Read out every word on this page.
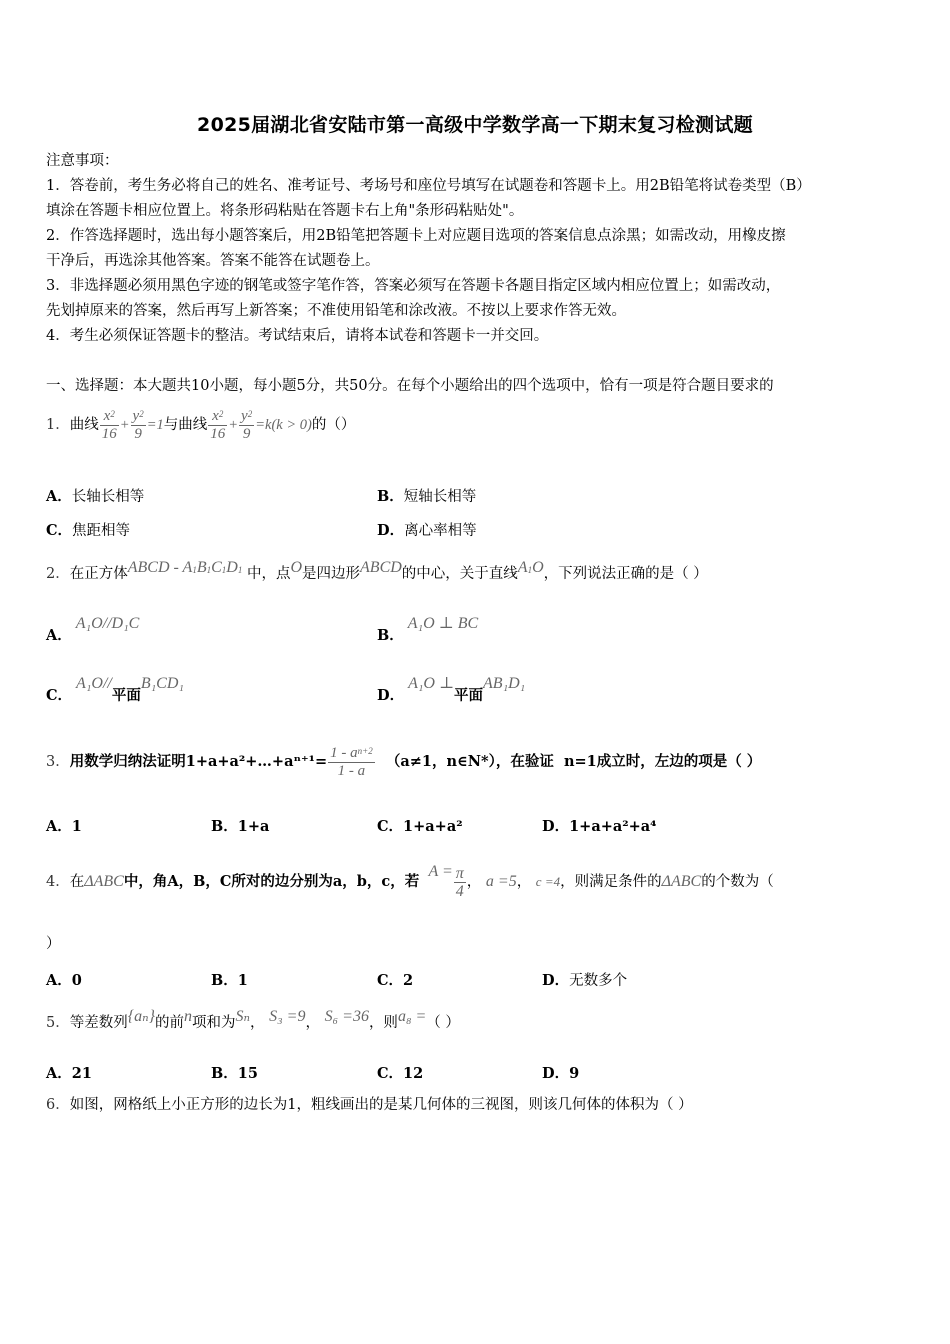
2025届湖北省安陆市第一高级中学数学高一下期末复习检测试题
注意事项：
1．答卷前，考生务必将自己的姓名、准考证号、考场号和座位号填写在试题卷和答题卡上。用2B铅笔将试卷类型（B）
填涂在答题卡相应位置上。将条形码粘贴在答题卡右上角"条形码粘贴处"。
2．作答选择题时，选出每小题答案后，用2B铅笔把答题卡上对应题目选项的答案信息点涂黑；如需改动，用橡皮擦
干净后，再选涂其他答案。答案不能答在试题卷上。
3．非选择题必须用黑色字迹的钢笔或签字笔作答，答案必须写在答题卡各题目指定区域内相应位置上；如需改动，
先划掉原来的答案，然后再写上新答案；不准使用铅笔和涂改液。不按以上要求作答无效。
4．考生必须保证答题卡的整洁。考试结束后，请将本试卷和答题卡一并交回。
一、选择题：本大题共10小题，每小题5分，共50分。在每个小题给出的四个选项中，恰有一项是符合题目要求的
1．曲线 $\frac{x^2}{16} + \frac{y^2}{9} =1$与曲线 $\frac{x^2}{16} + \frac{y^2}{9} =k(k > 0)$的（）
A．长轴长相等	B．短轴长相等
C．焦距相等	D．离心率相等
2．在正方体ABCD - $A_1B_1C_1D_1$ 中，点O是四边形ABCD的中心，关于直线$A_1O$，下列说法正确的是（ ）
A．A₁O//D₁C
B．A₁O ⊥ BC
C．A₁O//平面B₁CD₁
D．A₁O ⊥平面AB₁D₁
3．用数学归纳法证明1+a+a²+…+aⁿ⁺¹= $\frac{1 - a^{n+2}}{1 - a} (a\ne 1$，n∈N*），在验证 n=1成立时，左边的项是（ ）
A．1	B．1+a	C．1+a+a²	D．1+a+a²+a⁴
4．在ΔABC中，角A，B，C所对的边分别为a，b，c，若  $A = \frac{\pi}{4}$ ， a =5， c =4，则满足条件的ΔABC的个数为（
）
A．0	B．1	C．2	D．无数多个
5．等差数列{aₙ}的前n项和为Sₙ， S₃ =9， S₆ =36，则a₈ =（ ）
A．21	B．15	C．12	D．9
6．如图，网格纸上小正方形的边长为1，粗线画出的是某几何体的三视图，则该几何体的体积为（ ）
